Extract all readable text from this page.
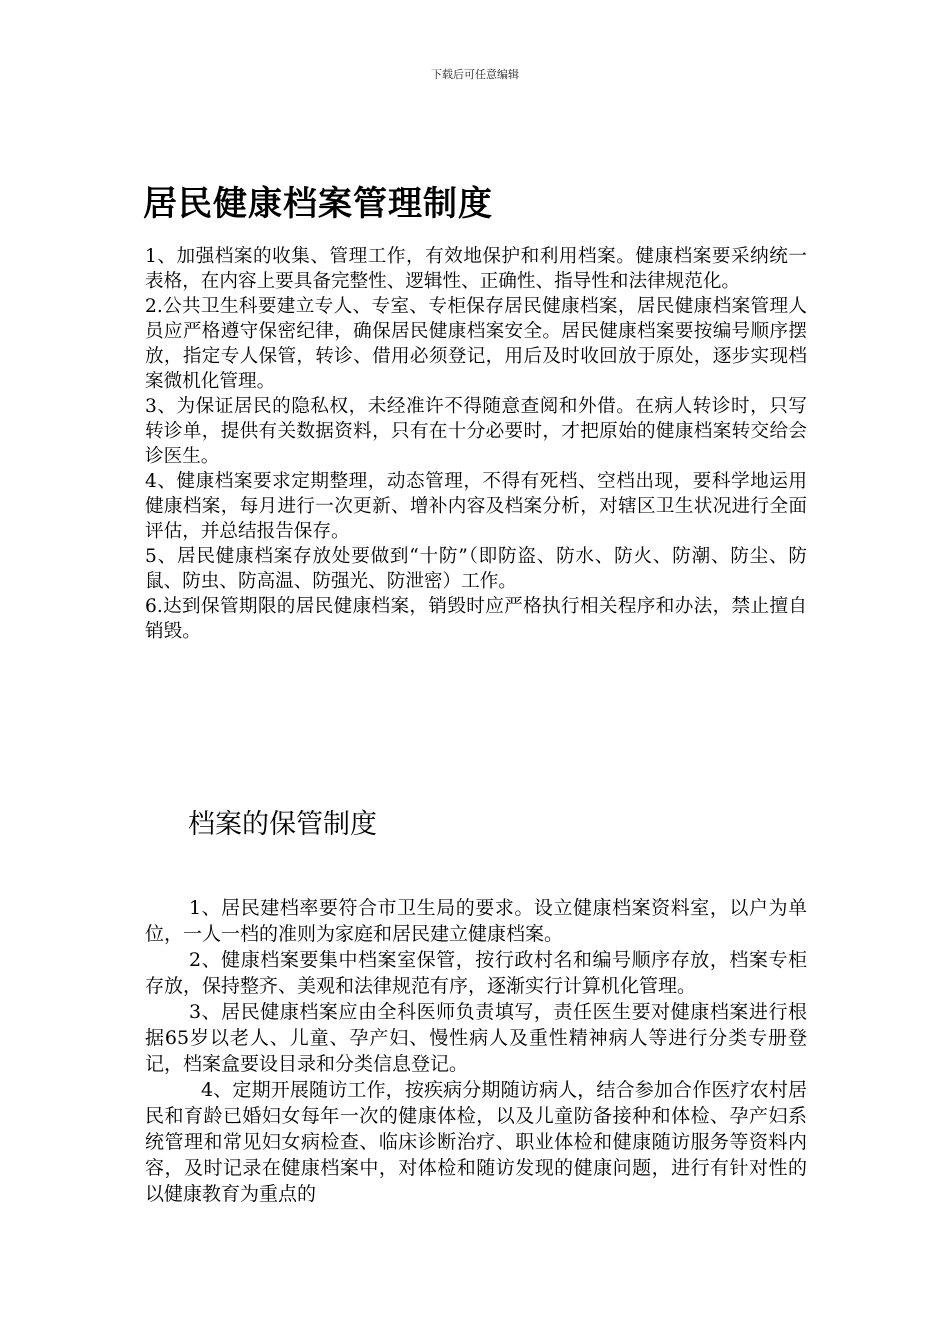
下载后可任意编辑
居民健康档案管理制度

1、加强档案的收集、管理工作，有效地保护和利用档案。健康档案要采纳统一表格，在内容上要具备完整性、逻辑性、正确性、指导性和法律规范化。

2.公共卫生科要建立专人、专室、专柜保存居民健康档案，居民健康档案管理人员应严格遵守保密纪律，确保居民健康档案安全。居民健康档案要按编号顺序摆放，指定专人保管，转诊、借用必须登记，用后及时收回放于原处，逐步实现档案微机化管理。

3、为保证居民的隐私权，未经准许不得随意查阅和外借。在病人转诊时，只写转诊单，提供有关数据资料，只有在十分必要时，才把原始的健康档案转交给会诊医生。

4、健康档案要求定期整理，动态管理，不得有死档、空档出现，要科学地运用健康档案，每月进行一次更新、增补内容及档案分析，对辖区卫生状况进行全面评估，并总结报告保存。

5、居民健康档案存放处要做到“十防”（即防盗、防水、防火、防潮、防尘、防鼠、防虫、防高温、防强光、防泄密）工作。

6.达到保管期限的居民健康档案，销毁时应严格执行相关程序和办法，禁止擅自销毁。

档案的保管制度

1、居民建档率要符合市卫生局的要求。设立健康档案资料室，以户为单位，一人一档的准则为家庭和居民建立健康档案。

2、健康档案要集中档案室保管，按行政村名和编号顺序存放，档案专柜存放，保持整齐、美观和法律规范有序，逐渐实行计算机化管理。

3、居民健康档案应由全科医师负责填写，责任医生要对健康档案进行根据65岁以老人、儿童、孕产妇、慢性病人及重性精神病人等进行分类专册登记，档案盒要设目录和分类信息登记。

4、定期开展随访工作，按疾病分期随访病人，结合参加合作医疗农村居民和育龄已婚妇女每年一次的健康体检，以及儿童防备接种和体检、孕产妇系统管理和常见妇女病检查、临床诊断治疗、职业体检和健康随访服务等资料内容，及时记录在健康档案中，对体检和随访发现的健康问题，进行有针对性的以健康教育为重点的
